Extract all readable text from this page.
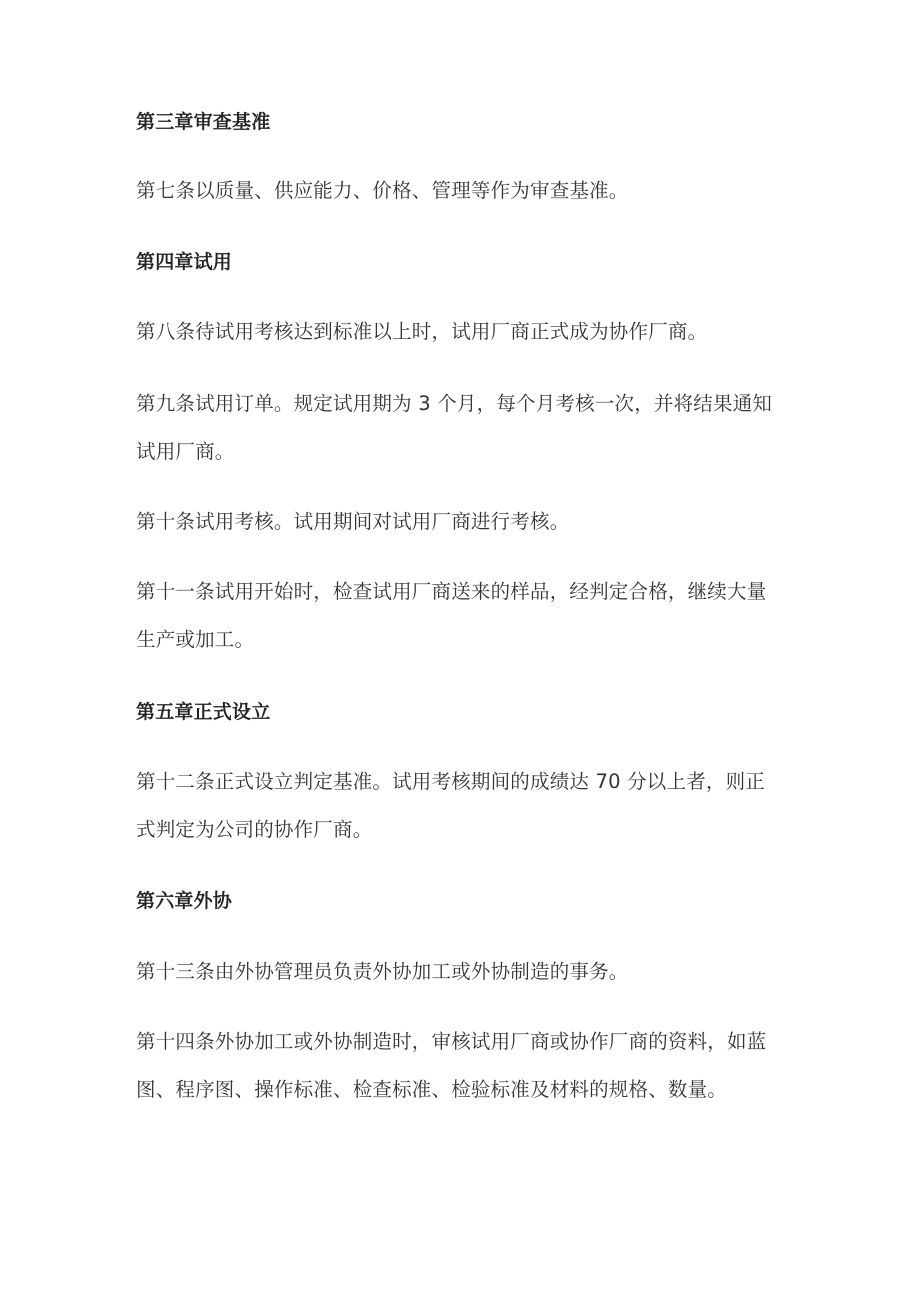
第三章审查基准

第七条以质量、供应能力、价格、管理等作为审查基准。

第四章试用

第八条待试用考核达到标准以上时，试用厂商正式成为协作厂商。

第九条试用订单。规定试用期为 3 个月，每个月考核一次，并将结果通知

试用厂商。

第十条试用考核。试用期间对试用厂商进行考核。

第十一条试用开始时，检查试用厂商送来的样品，经判定合格，继续大量

生产或加工。

第五章正式设立

第十二条正式设立判定基准。试用考核期间的成绩达 70 分以上者，则正

式判定为公司的协作厂商。

第六章外协

第十三条由外协管理员负责外协加工或外协制造的事务。

第十四条外协加工或外协制造时，审核试用厂商或协作厂商的资料，如蓝

图、程序图、操作标准、检查标准、检验标准及材料的规格、数量。
